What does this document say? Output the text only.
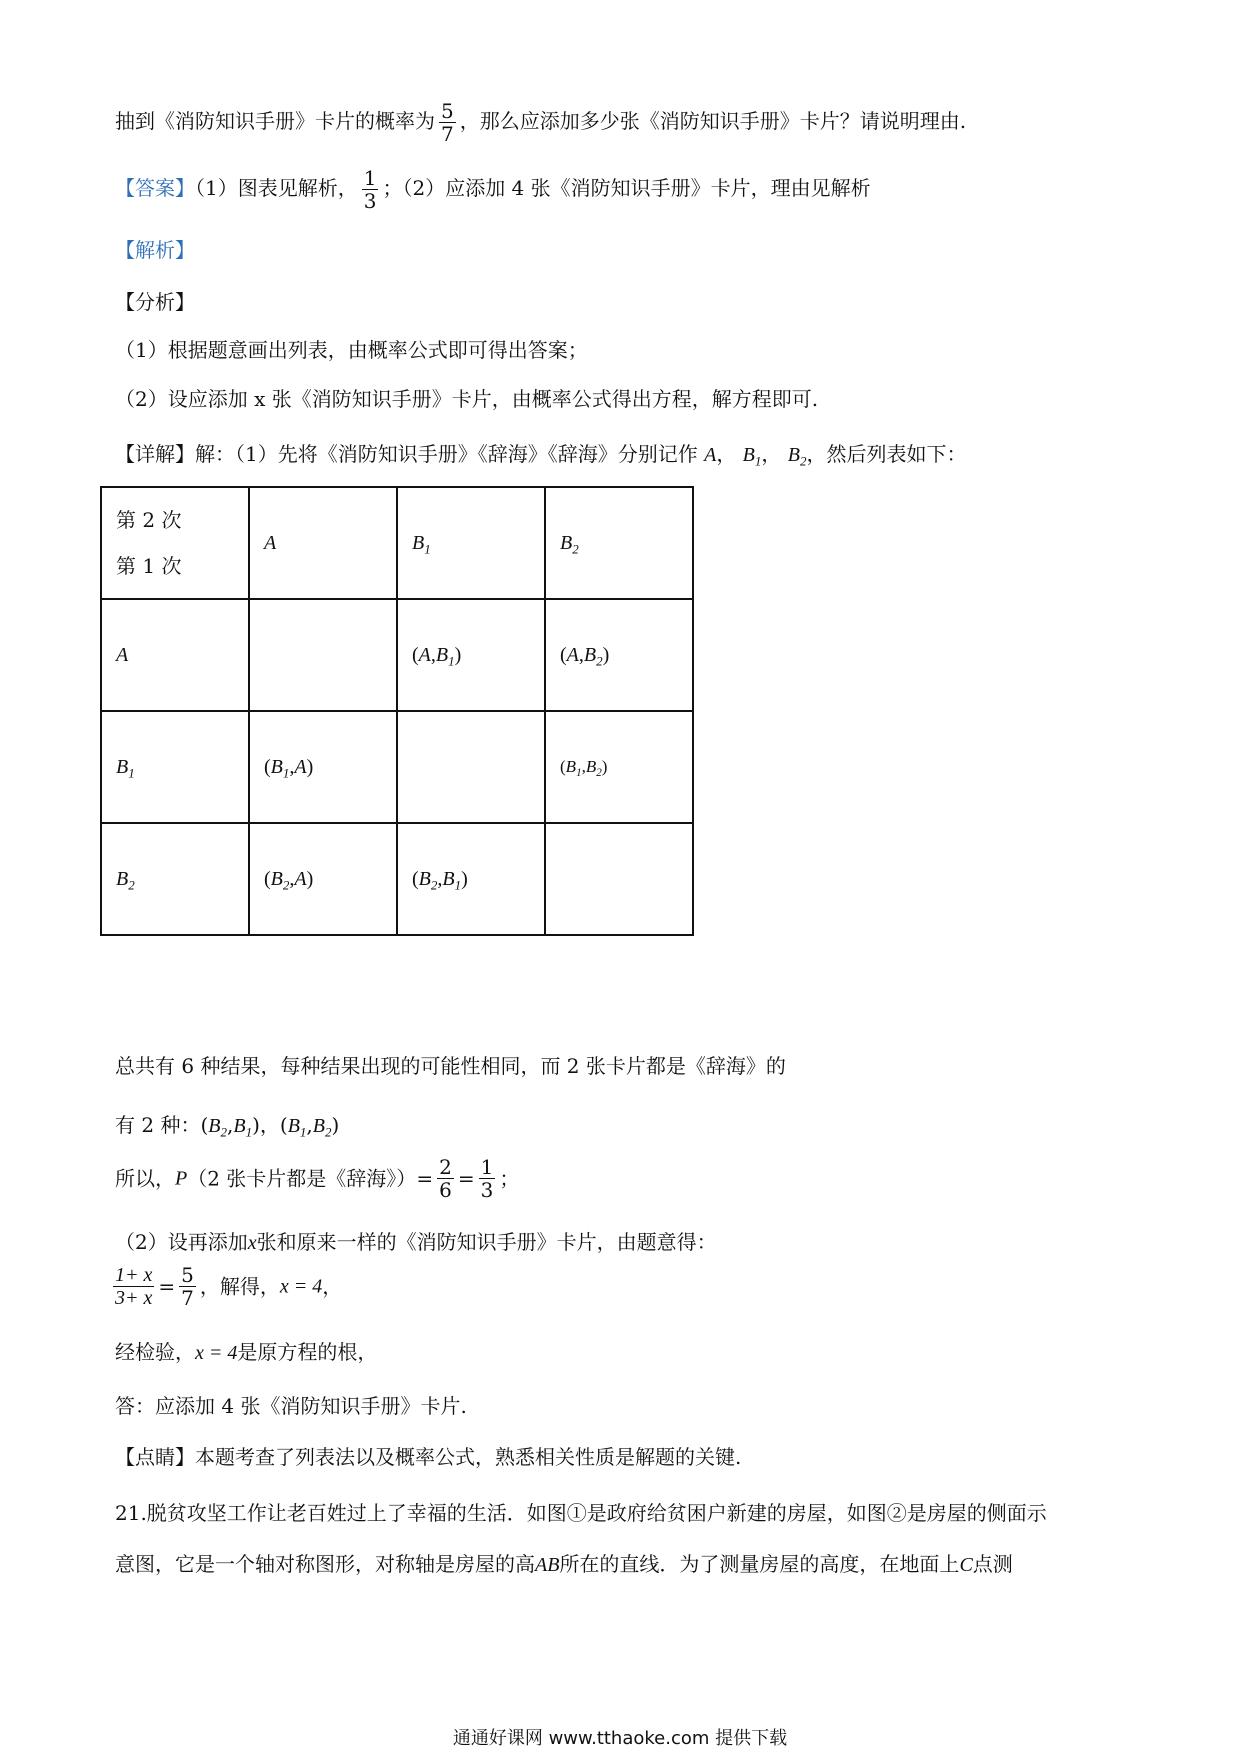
抽到《消防知识手册》卡片的概率为 $\frac{5}{7}$ ，那么应添加多少张《消防知识手册》卡片？请说明理由.
【答案】（1）图表见解析， $\frac{1}{3}$ ；（2）应添加 4 张《消防知识手册》卡片，理由见解析
【解析】
【分析】
（1）根据题意画出列表，由概率公式即可得出答案；
（2）设应添加 x 张《消防知识手册》卡片，由概率公式得出方程，解方程即可.
【详解】解：（1）先将《消防知识手册》《辞海》《辞海》分别记作 A， $B_1$， $B_2$，然后列表如下：
第 2 次
第 1 次	A	$B_1$	$B_2$
A		$(A,B_1)$	$(A,B_2)$
$B_1$	$(B_1,A)$		$(B_1,B_2)$
$B_2$	$(B_2,A)$	$(B_2,B_1)$	
总共有 6 种结果，每种结果出现的可能性相同，而 2 张卡片都是《辞海》的
有 2 种：$(B_2,B_1)$，$(B_1,B_2)$
所以，P（2 张卡片都是《辞海》）= $\frac{2}{6} = \frac{1}{3}$ ；
（2）设再添加x张和原来一样的《消防知识手册》卡片，由题意得：
$\frac{1+ x}{3+ x} = \frac{5}{7}$ ，解得，x = 4，
经检验，x = 4是原方程的根，
答：应添加 4 张《消防知识手册》卡片.
【点睛】本题考查了列表法以及概率公式，熟悉相关性质是解题的关键.
21.脱贫攻坚工作让老百姓过上了幸福的生活．如图①是政府给贫困户新建的房屋，如图②是房屋的侧面示
意图，它是一个轴对称图形，对称轴是房屋的高AB所在的直线．为了测量房屋的高度，在地面上C点测
通通好课网 www.tthaoke.com 提供下载
